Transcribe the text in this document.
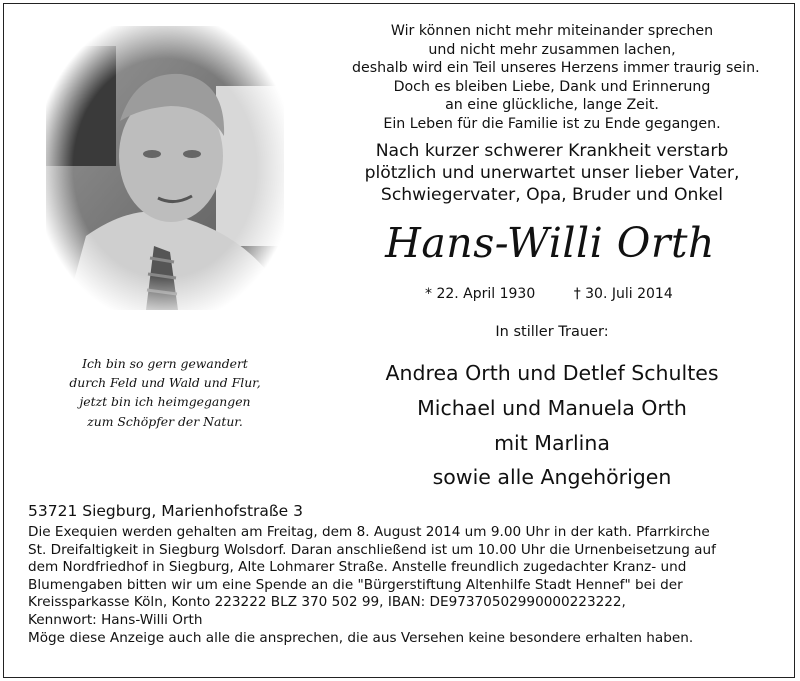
Wir können nicht mehr miteinander sprechen
und nicht mehr zusammen lachen,
deshalb wird ein Teil unseres Herzens immer traurig sein.
Doch es bleiben Liebe, Dank und Erinnerung
an eine glückliche, lange Zeit.
Ein Leben für die Familie ist zu Ende gegangen.
Nach kurzer schwerer Krankheit verstarb
plötzlich und unerwartet unser lieber Vater,
Schwiegervater, Opa, Bruder und Onkel
Hans-Willi Orth
* 22. April 1930	† 30. Juli 2014
In stiller Trauer:
Andrea Orth und Detlef Schultes
Michael und Manuela Orth
mit Marlina
sowie alle Angehörigen
Ich bin so gern gewandert
durch Feld und Wald und Flur,
jetzt bin ich heimgegangen
zum Schöpfer der Natur.
53721 Siegburg, Marienhofstraße 3
Die Exequien werden gehalten am Freitag, dem 8. August 2014 um 9.00 Uhr in der kath. Pfarrkirche
St. Dreifaltigkeit in Siegburg Wolsdorf. Daran anschließend ist um 10.00 Uhr die Urnenbeisetzung auf
dem Nordfriedhof in Siegburg, Alte Lohmarer Straße. Anstelle freundlich zugedachter Kranz- und
Blumengaben bitten wir um eine Spende an die "Bürgerstiftung Altenhilfe Stadt Hennef" bei der
Kreissparkasse Köln, Konto 223222 BLZ 370 502 99, IBAN: DE97370502990000223222,
Kennwort: Hans-Willi Orth
Möge diese Anzeige auch alle die ansprechen, die aus Versehen keine besondere erhalten haben.
